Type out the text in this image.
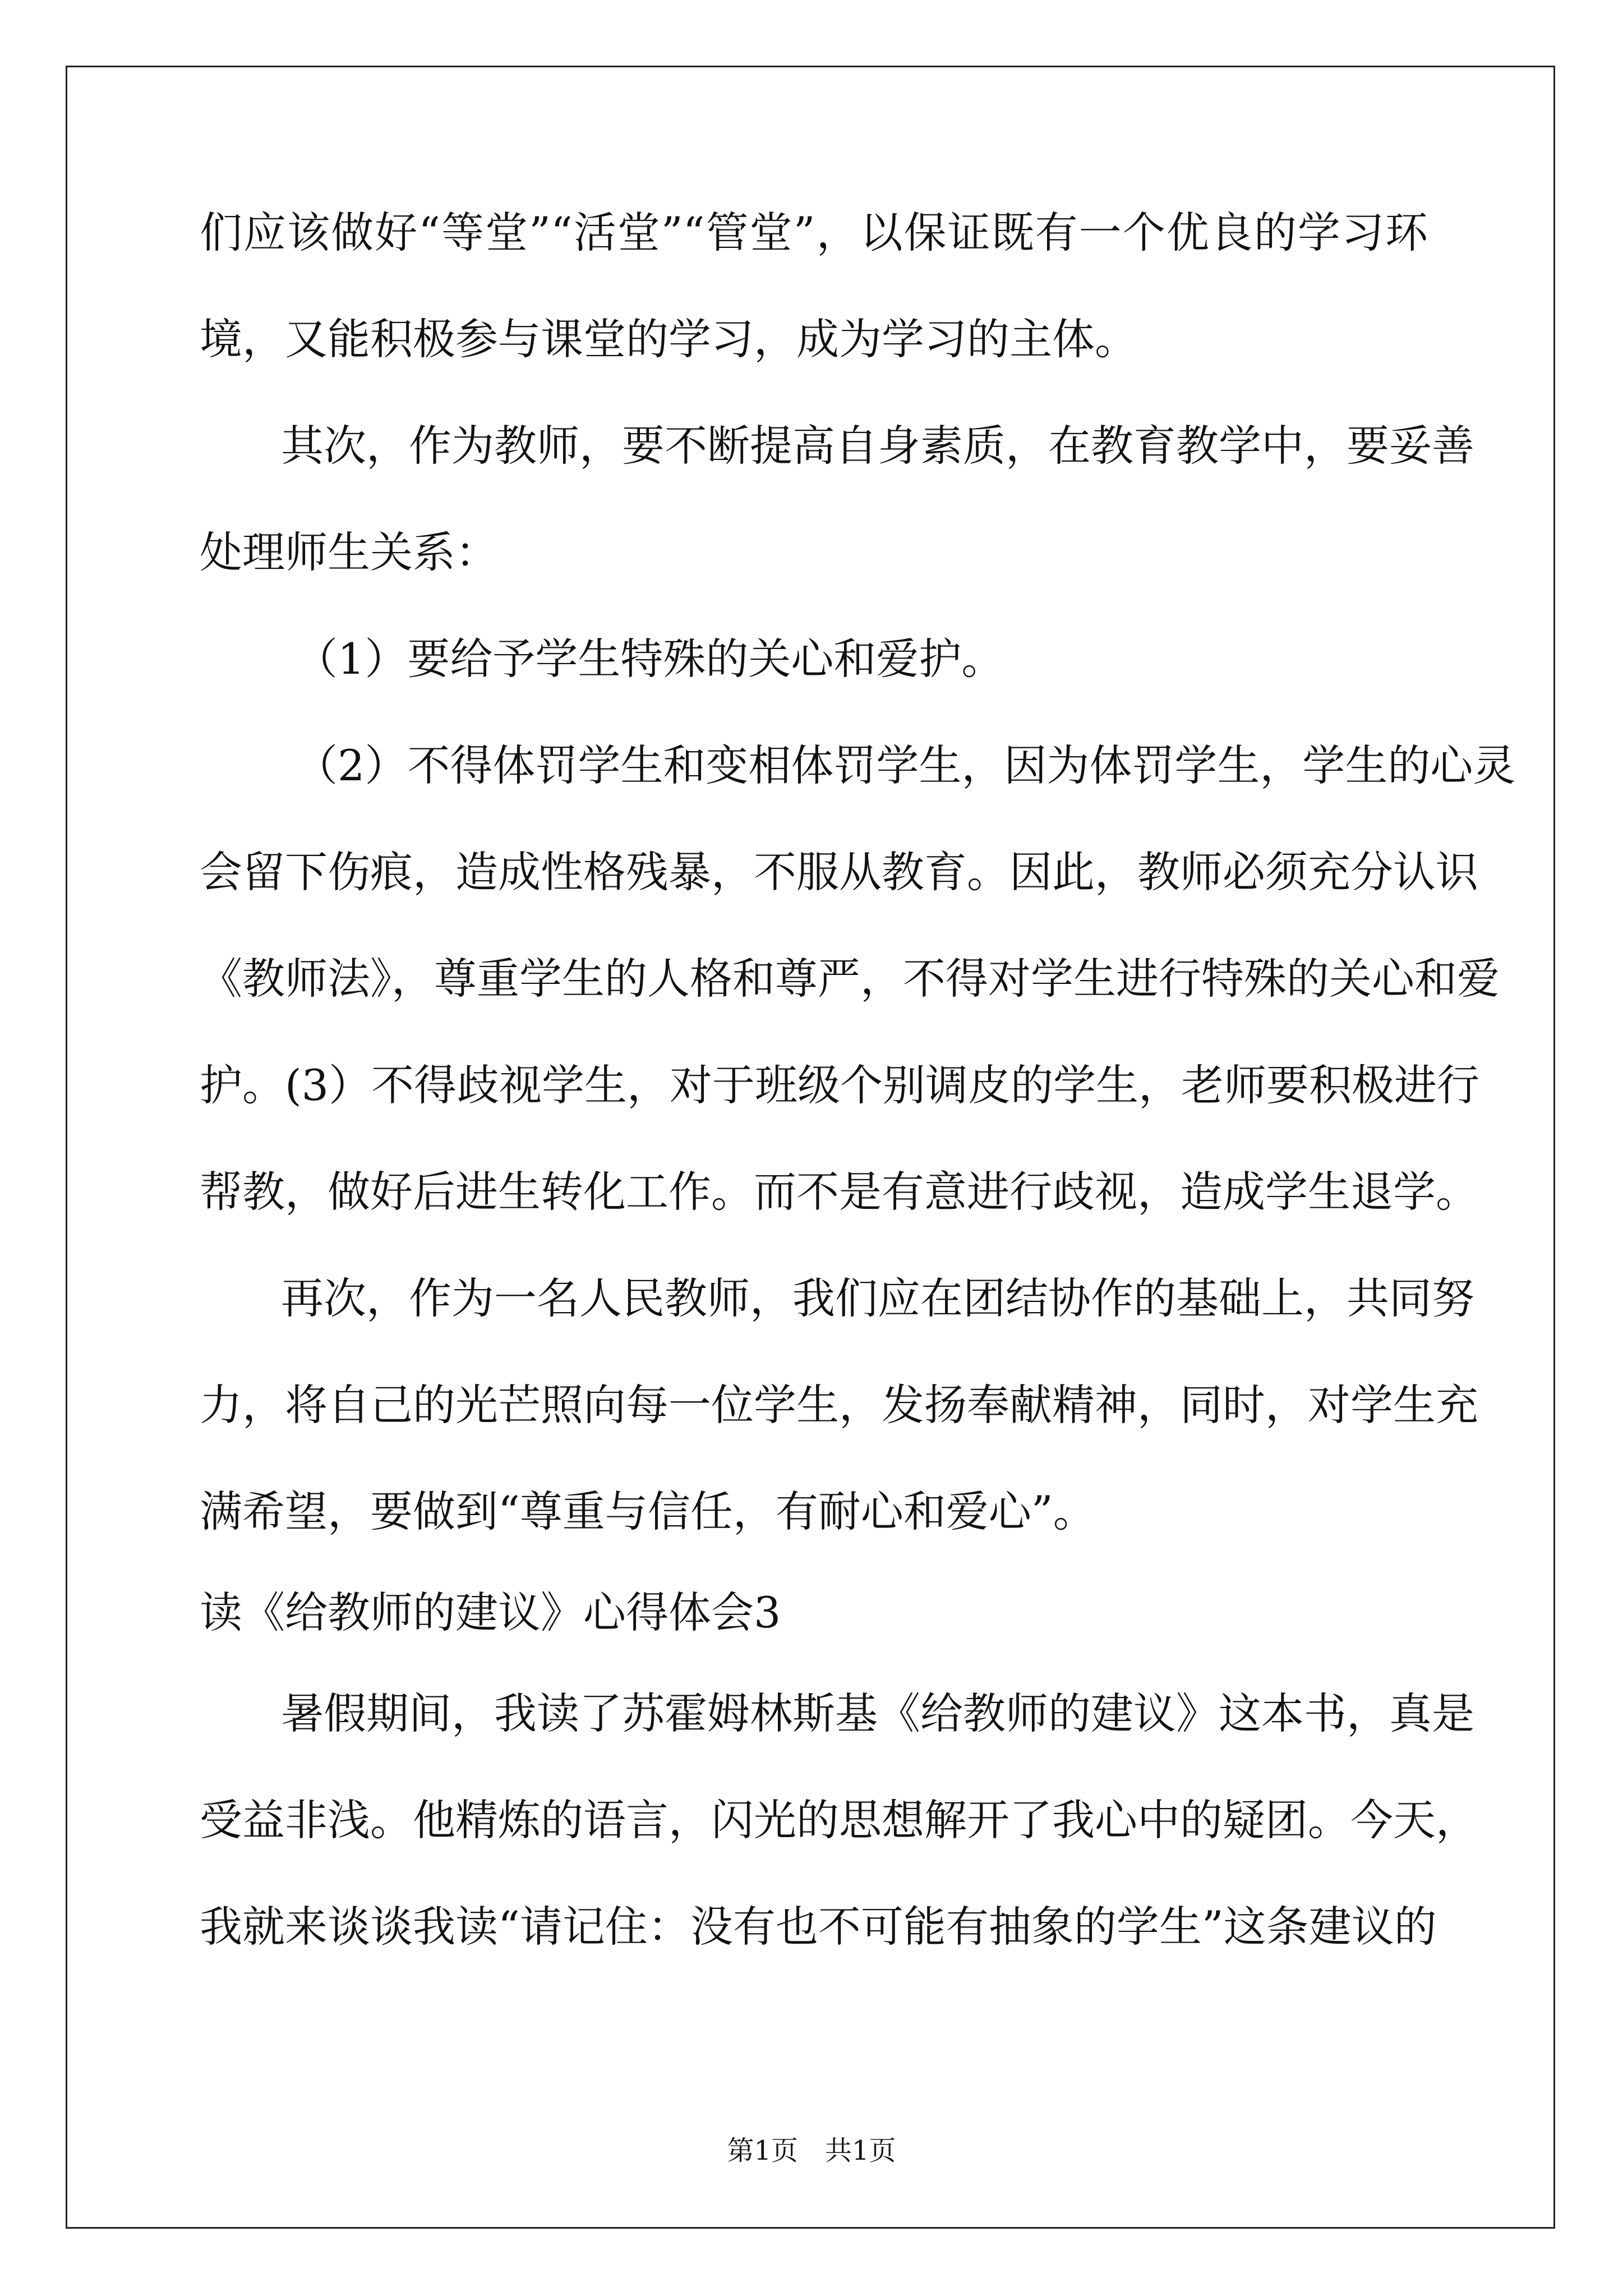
们应该做好“等堂”“活堂”“管堂”，以保证既有一个优良的学习环
境，又能积极参与课堂的学习，成为学习的主体。
其次，作为教师，要不断提高自身素质，在教育教学中，要妥善
处理师生关系：
（1）要给予学生特殊的关心和爱护。
（2）不得体罚学生和变相体罚学生，因为体罚学生，学生的心灵
会留下伤痕，造成性格残暴，不服从教育。因此，教师必须充分认识
《教师法》，尊重学生的人格和尊严，不得对学生进行特殊的关心和爱
护。(3）不得歧视学生，对于班级个别调皮的学生，老师要积极进行
帮教，做好后进生转化工作。而不是有意进行歧视，造成学生退学。
再次，作为一名人民教师，我们应在团结协作的基础上，共同努
力，将自己的光芒照向每一位学生，发扬奉献精神，同时，对学生充
满希望，要做到“尊重与信任，有耐心和爱心”。
读《给教师的建议》心得体会3
暑假期间，我读了苏霍姆林斯基《给教师的建议》这本书，真是
受益非浅。他精炼的语言，闪光的思想解开了我心中的疑团。今天，
我就来谈谈我读“请记住：没有也不可能有抽象的学生”这条建议的
第1页　共1页
